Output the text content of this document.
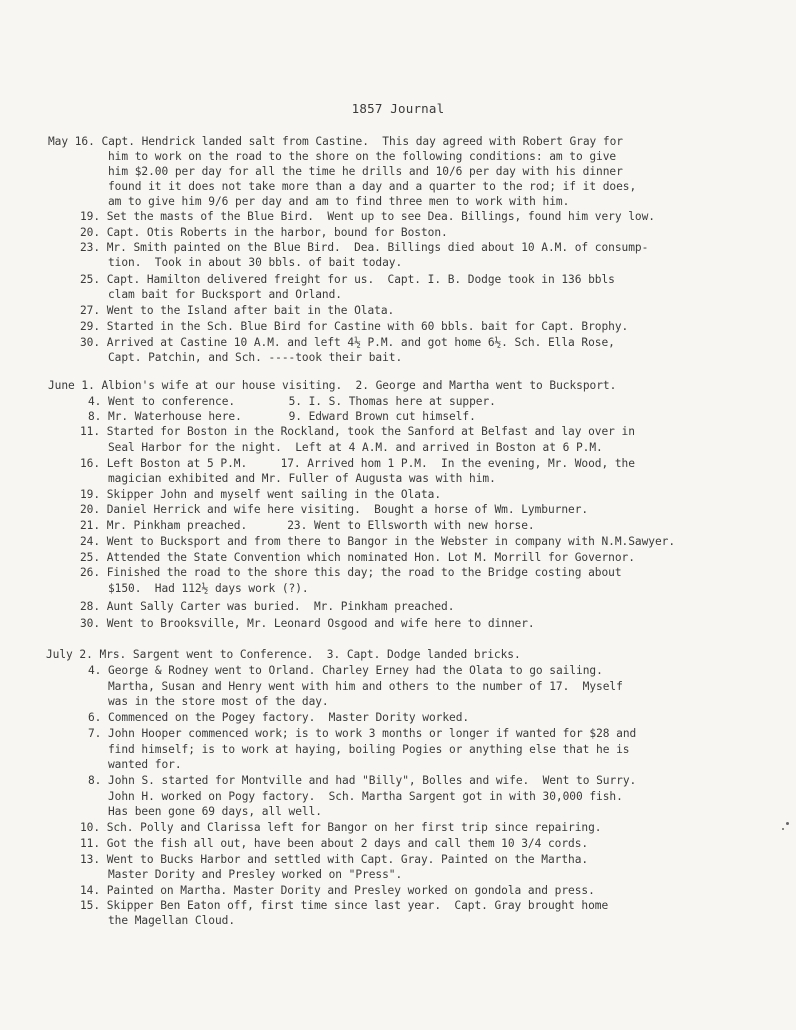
1857 Journal
May 16. Capt. Hendrick landed salt from Castine.  This day agreed with Robert Gray for
him to work on the road to the shore on the following conditions: am to give
him $2.00 per day for all the time he drills and 10/6 per day with his dinner
found it it does not take more than a day and a quarter to the rod; if it does,
am to give him 9/6 per day and am to find three men to work with him.
19. Set the masts of the Blue Bird.  Went up to see Dea. Billings, found him very low.
20. Capt. Otis Roberts in the harbor, bound for Boston.
23. Mr. Smith painted on the Blue Bird.  Dea. Billings died about 10 A.M. of consump-
tion.  Took in about 30 bbls. of bait today.
25. Capt. Hamilton delivered freight for us.  Capt. I. B. Dodge took in 136 bbls
clam bait for Bucksport and Orland.
27. Went to the Island after bait in the Olata.
29. Started in the Sch. Blue Bird for Castine with 60 bbls. bait for Capt. Brophy.
30. Arrived at Castine 10 A.M. and left 4½ P.M. and got home 6½. Sch. Ella Rose,
Capt. Patchin, and Sch. ----took their bait.
June 1. Albion's wife at our house visiting.  2. George and Martha went to Bucksport.
4. Went to conference.        5. I. S. Thomas here at supper.
8. Mr. Waterhouse here.       9. Edward Brown cut himself.
11. Started for Boston in the Rockland, took the Sanford at Belfast and lay over in
Seal Harbor for the night.  Left at 4 A.M. and arrived in Boston at 6 P.M.
16. Left Boston at 5 P.M.     17. Arrived hom 1 P.M.  In the evening, Mr. Wood, the
magician exhibited and Mr. Fuller of Augusta was with him.
19. Skipper John and myself went sailing in the Olata.
20. Daniel Herrick and wife here visiting.  Bought a horse of Wm. Lymburner.
21. Mr. Pinkham preached.      23. Went to Ellsworth with new horse.
24. Went to Bucksport and from there to Bangor in the Webster in company with N.M.Sawyer.
25. Attended the State Convention which nominated Hon. Lot M. Morrill for Governor.
26. Finished the road to the shore this day; the road to the Bridge costing about
$150.  Had 112½ days work (?).
28. Aunt Sally Carter was buried.  Mr. Pinkham preached.
30. Went to Brooksville, Mr. Leonard Osgood and wife here to dinner.
July 2. Mrs. Sargent went to Conference.  3. Capt. Dodge landed bricks.
4. George & Rodney went to Orland. Charley Erney had the Olata to go sailing.
Martha, Susan and Henry went with him and others to the number of 17.  Myself
was in the store most of the day.
6. Commenced on the Pogey factory.  Master Dority worked.
7. John Hooper commenced work; is to work 3 months or longer if wanted for $28 and
find himself; is to work at haying, boiling Pogies or anything else that he is
wanted for.
8. John S. started for Montville and had "Billy", Bolles and wife.  Went to Surry.
John H. worked on Pogy factory.  Sch. Martha Sargent got in with 30,000 fish.
Has been gone 69 days, all well.
10. Sch. Polly and Clarissa left for Bangor on her first trip since repairing.
11. Got the fish all out, have been about 2 days and call them 10 3/4 cords.
13. Went to Bucks Harbor and settled with Capt. Gray. Painted on the Martha.
Master Dority and Presley worked on "Press".
14. Painted on Martha. Master Dority and Presley worked on gondola and press.
15. Skipper Ben Eaton off, first time since last year.  Capt. Gray brought home
the Magellan Cloud.
